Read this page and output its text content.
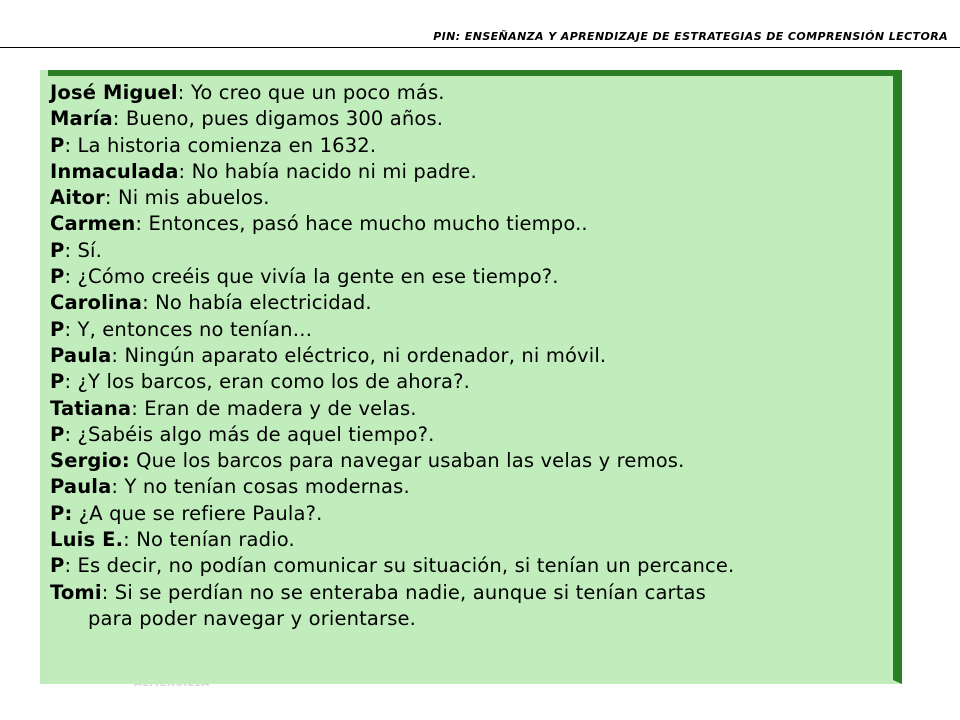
PIN: ENSEÑANZA Y APRENDIZAJE DE ESTRATEGIAS DE COMPRENSIÓN LECTORA
José Miguel: Yo creo que un poco más.
María: Bueno, pues digamos 300 años.
P: La historia comienza en 1632.
Inmaculada: No había nacido ni mi padre.
Aitor: Ni mis abuelos.
Carmen: Entonces, pasó hace mucho mucho tiempo..
P: Sí.
P: ¿Cómo creéis que vivía la gente en ese tiempo?.
Carolina: No había electricidad.
P: Y, entonces no tenían…
Paula: Ningún aparato eléctrico, ni ordenador, ni móvil.
P: ¿Y los barcos, eran como los de ahora?.
Tatiana: Eran de madera y de velas.
P: ¿Sabéis algo más de aquel tiempo?.
Sergio: Que los barcos para navegar usaban las velas y remos.
Paula: Y no tenían cosas modernas.
P: ¿A que se refiere Paula?.
Luis E.: No tenían radio.
P: Es decir, no podían comunicar su situación, si tenían un percance.
Tomi: Si se perdían no se enteraba nadie, aunque si tenían cartas
para poder navegar y orientarse.
